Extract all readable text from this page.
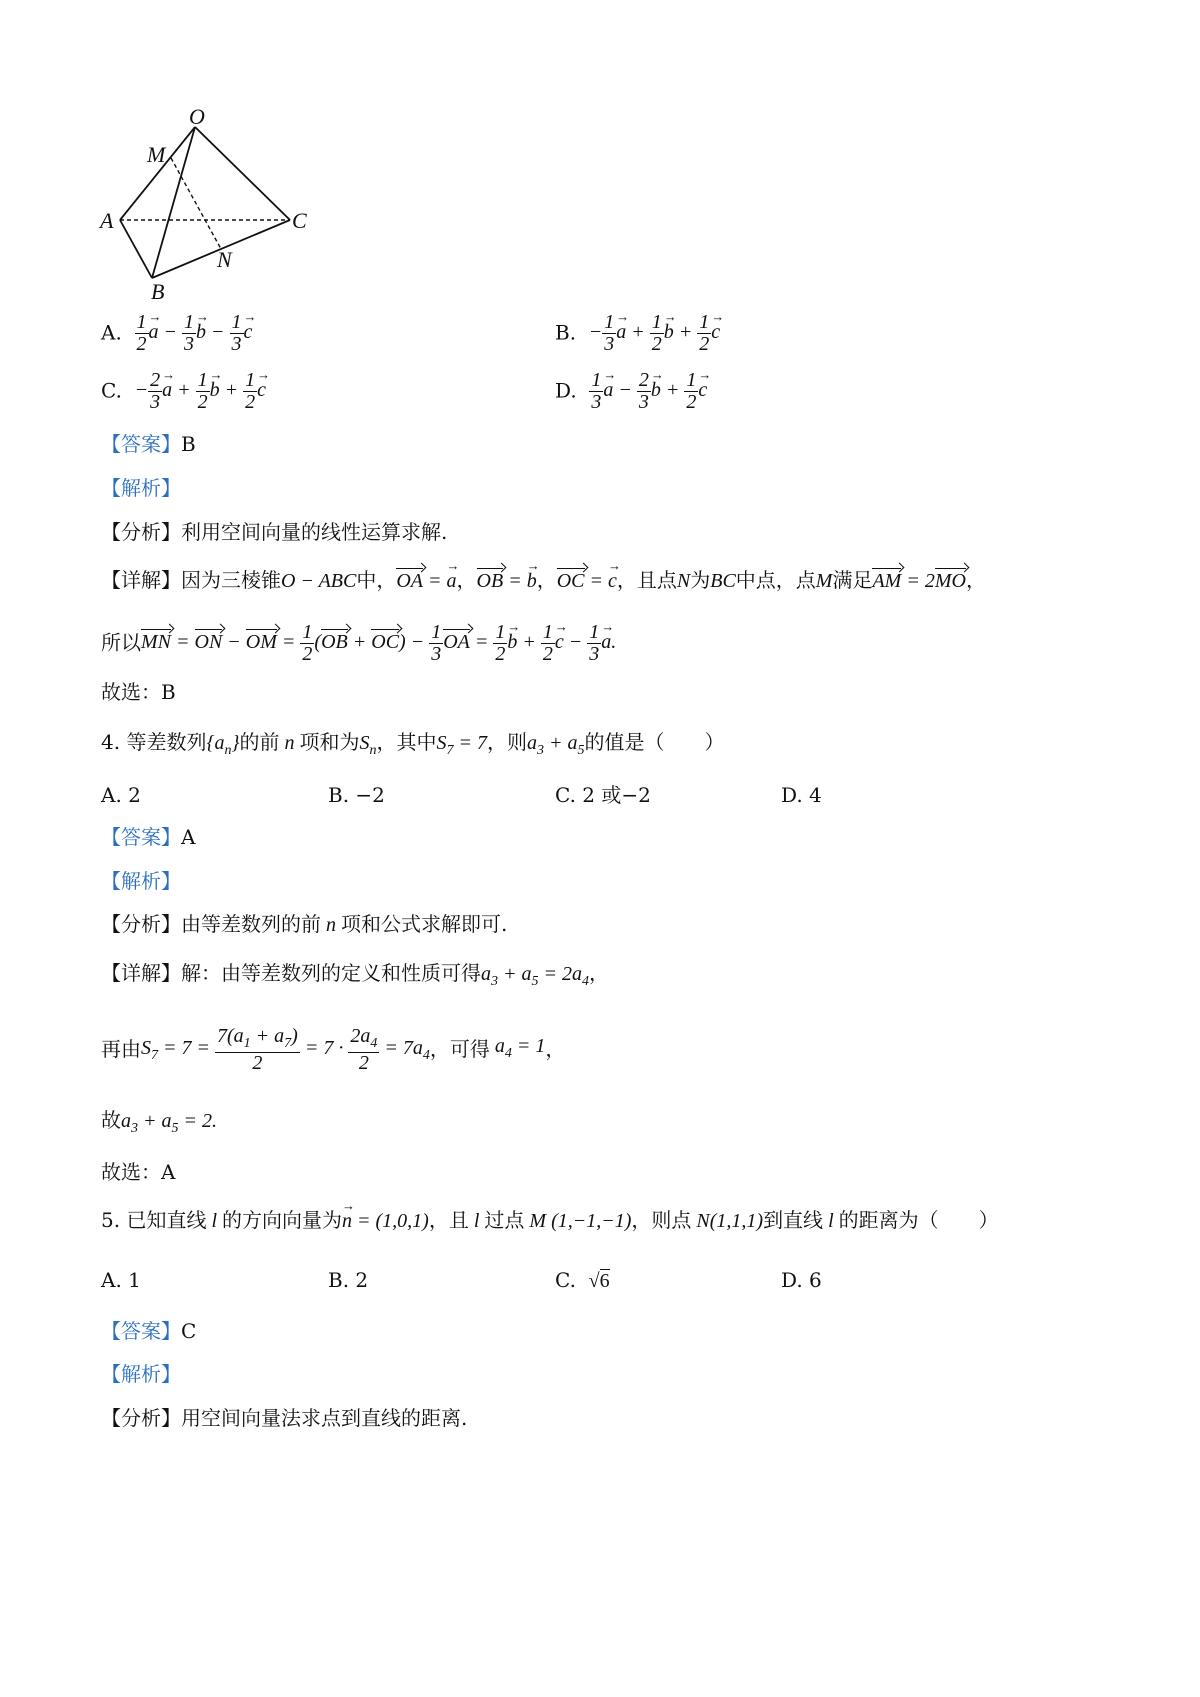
O
M
A	C
N
B
A. $\frac{1}{2}$
→ $a - \frac{1}{3}$
→ $b - \frac{1}{3}$
→ c	B.  − $\frac{1}{3}$
→ $a + \frac{1}{2}$
→ $b + \frac{1}{2}$
→ c
C.  − $\frac{2}{3}$
→ $a + \frac{1}{2}$
→ $b + \frac{1}{2}$
→ c	D. $\frac{1}{3}$
→ $a - \frac{2}{3}$
→ $b + \frac{1}{2}$
→ c
【答案】B
【解析】
【分析】利用空间向量的线性运算求解.
【详解】因为三棱锥O − ABC中，OA = → a，OB = → b，OC = → c，且点N为BC中点，点M满足AM = 2MO，
所以MN = ON − OM = $\frac{1}{2} (OB + OC) - \frac{1}{3}$ OA = $\frac{1}{2}$
→ $b + \frac{1}{2}$
→ $c - \frac{1}{3}$
→ a.
故选：B
4. 等差数列$\{a_n\}$的前 n 项和为$S_n$，其中$S_7 = 7$，则$a_3 + a_5$的值是（　　）
A. 2	B. −2	C. 2 或−2	D. 4
【答案】A
【解析】
【分析】由等差数列的前 n 项和公式求解即可.
【详解】解：由等差数列的定义和性质可得$a_3 + a_5 = 2a_4$，
再由$S_7 = 7 = \frac{7(a_1 + a_7)}{2} = 7 \cdot \frac{2a_4}{2} = 7a_4$，可得 $a_4 = 1$，
故$a_3 + a_5 = 2$.
故选：A
5. 已知直线 l 的方向向量为→ n = (1,0,1)，且 l 过点 M (1,−1,−1)，则点 N(1,1,1)到直线 l 的距离为（　　）
A. 1	B. 2	C. √6	D. 6
【答案】C
【解析】
【分析】用空间向量法求点到直线的距离.
